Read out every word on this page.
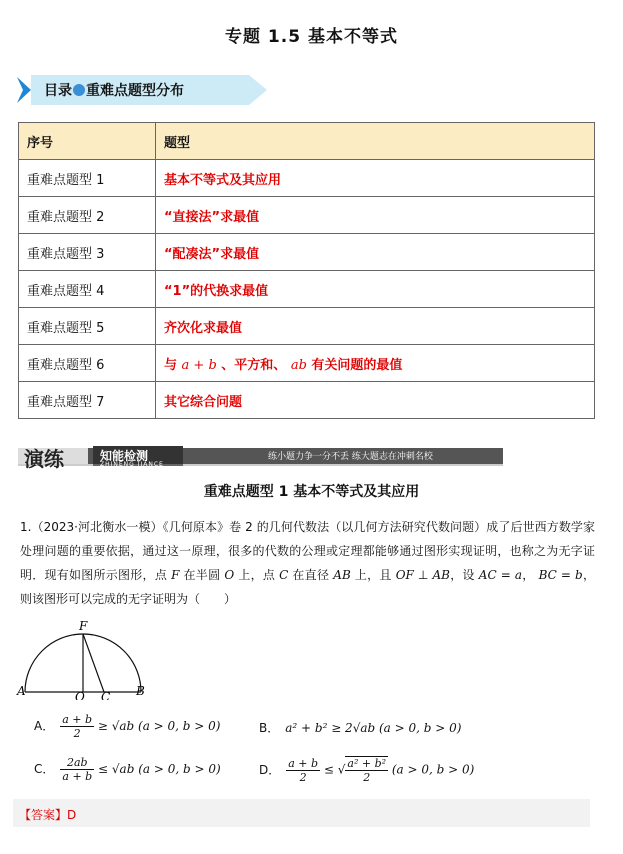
专题 1.5 基本不等式
目录 重难点题型分布
序号	题型
重难点题型 1	基本不等式及其应用
重难点题型 2	“直接法”求最值
重难点题型 3	“配凑法”求最值
重难点题型 4	“1”的代换求最值
重难点题型 5	齐次化求最值
重难点题型 6	与 a + b 、平方和、 ab 有关问题的最值
重难点题型 7	其它综合问题
演练	知能检测
ZHINENG JIANCE
练小题力争一分不丢 练大题志在冲刺名校
重难点题型 1 基本不等式及其应用
1.（2023·河北衡水一模）《几何原本》卷 2 的几何代数法（以几何方法研究代数问题）成了后世西方数学家处理问题的重要依据，通过这一原理，很多的代数的公理或定理都能够通过图形实现证明，也称之为无字证明．现有如图所示图形，点 F 在半圆 O 上，点 C 在直径 AB 上，且 OF ⊥ AB，设 AC = a， BC = b， 则该图形可以完成的无字证明为（　　）
F
A	O C B
A． $\frac{a + b}{2} \ge √ab$ (a > 0, b > 0)	B． a² + b² ≥ 2√ab (a > 0, b > 0)
C． $\frac{2ab}{a + b} \le √ab$ (a > 0, b > 0)	D． $\frac{a + b}{2}$ ≤ √ $\frac{\text{a² + b²}}{2} (a > 0$, b > 0)
【答案】D
